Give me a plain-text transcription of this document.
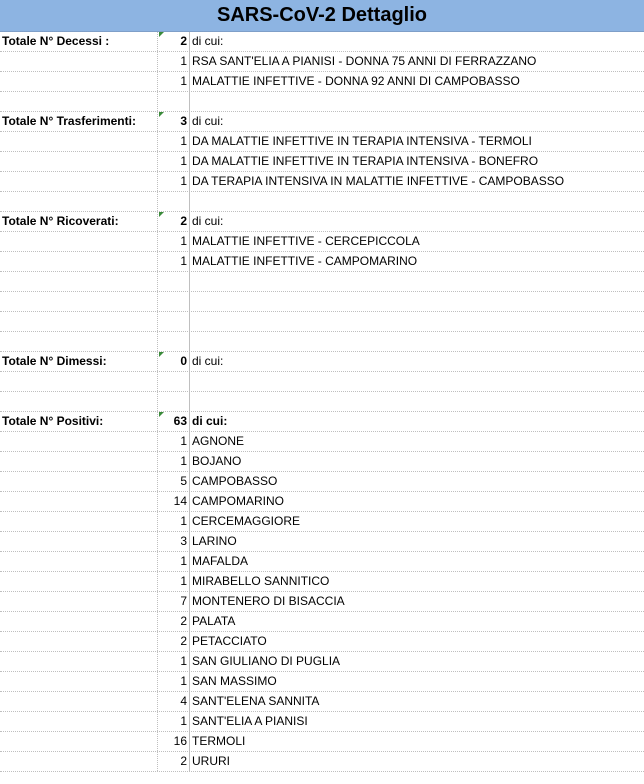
SARS-CoV-2 Dettaglio
Totale N° Decessi :	2 di cui:
1 RSA SANT'ELIA A PIANISI - DONNA 75 ANNI DI FERRAZZANO
1 MALATTIE INFETTIVE - DONNA 92 ANNI DI CAMPOBASSO
Totale N° Trasferimenti:	3 di cui:
1 DA MALATTIE INFETTIVE IN TERAPIA INTENSIVA - TERMOLI
1 DA MALATTIE INFETTIVE IN TERAPIA INTENSIVA - BONEFRO
1 DA TERAPIA INTENSIVA IN MALATTIE INFETTIVE - CAMPOBASSO
Totale N° Ricoverati:	2 di cui:
1 MALATTIE INFETTIVE - CERCEPICCOLA
1 MALATTIE INFETTIVE - CAMPOMARINO
Totale N° Dimessi:	0 di cui:
Totale N° Positivi:	63 di cui:
1 AGNONE
1 BOJANO
5 CAMPOBASSO
14 CAMPOMARINO
1 CERCEMAGGIORE
3 LARINO
1 MAFALDA
1 MIRABELLO SANNITICO
7 MONTENERO DI BISACCIA
2 PALATA
2 PETACCIATO
1 SAN GIULIANO DI PUGLIA
1 SAN MASSIMO
4 SANT'ELENA SANNITA
1 SANT'ELIA A PIANISI
16 TERMOLI
2 URURI
